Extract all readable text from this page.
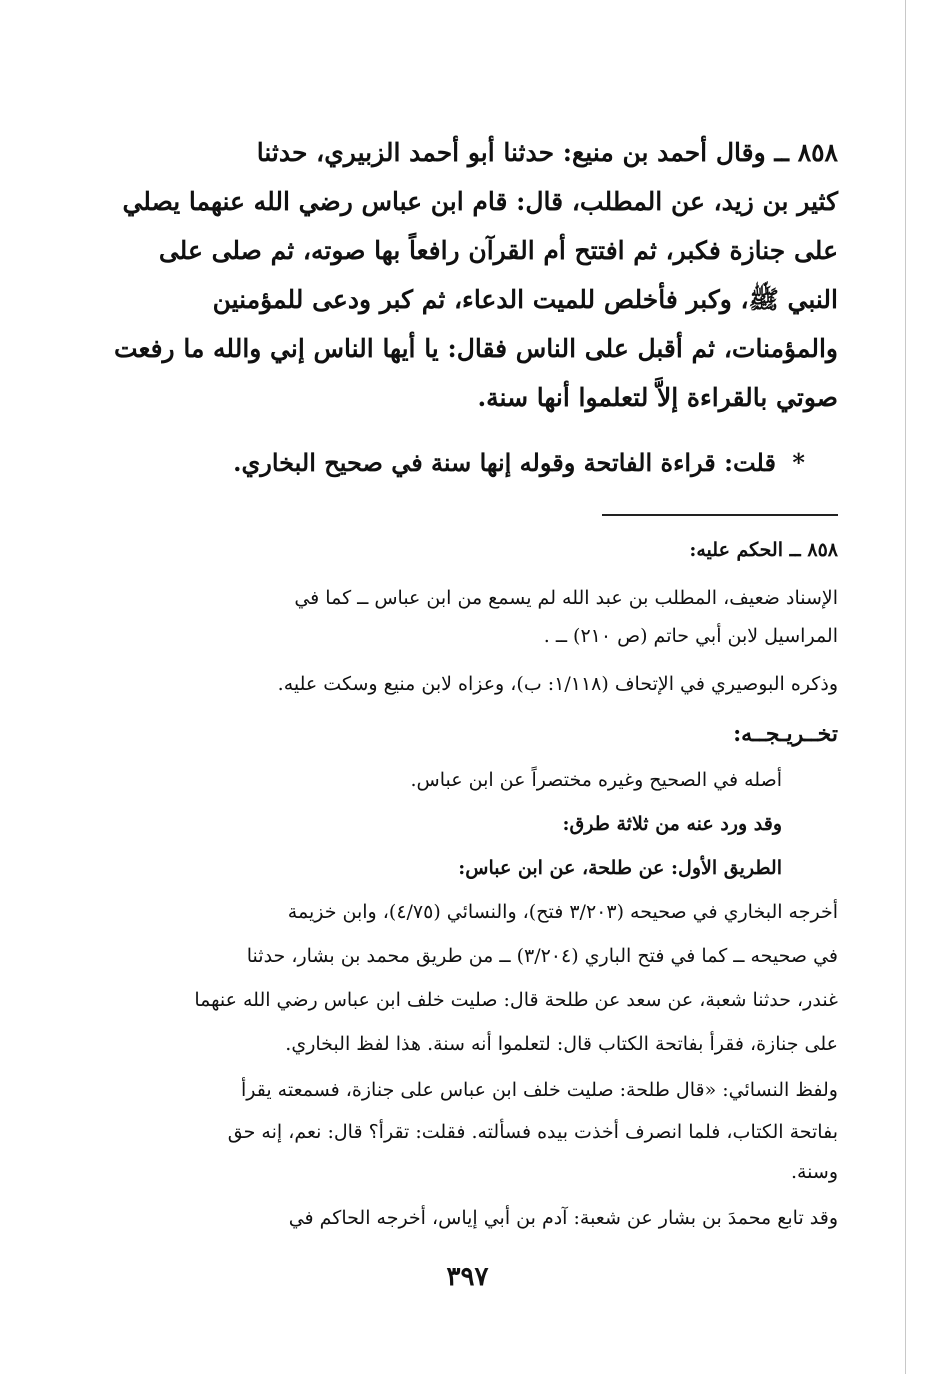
٨٥٨ ــ وقال أحمد بن منيع: حدثنا أبو أحمد الزبيري، حدثنا

كثير بن زيد، عن المطلب، قال: قام ابن عباس رضي الله عنهما يصلي

على جنازة فكبر، ثم افتتح أم القرآن رافعاً بها صوته، ثم صلى على

النبي ﷺ، وكبر فأخلص للميت الدعاء، ثم كبر ودعى للمؤمنين

والمؤمنات، ثم أقبل على الناس فقال: يا أيها الناس إني والله ما رفعت

صوتي بالقراءة إلاَّ لتعلموا أنها سنة.

* قلت: قراءة الفاتحة وقوله إنها سنة في صحيح البخاري.

٨٥٨ ــ الحكم عليه:

الإسناد ضعيف، المطلب بن عبد الله لم يسمع من ابن عباس ــ كما في

المراسيل لابن أبي حاتم (ص ٢١٠) ــ .

وذكره البوصيري في الإتحاف (١/١١٨: ب)، وعزاه لابن منيع وسكت عليه.

تخــريـجــه:

أصله في الصحيح وغيره مختصراً عن ابن عباس.

وقد ورد عنه من ثلاثة طرق:

الطريق الأول: عن طلحة، عن ابن عباس:

أخرجه البخاري في صحيحه (٣/٢٠٣ فتح)، والنسائي (٤/٧٥)، وابن خزيمة

في صحيحه ــ كما في فتح الباري (٣/٢٠٤) ــ من طريق محمد بن بشار، حدثنا

غندر، حدثنا شعبة، عن سعد عن طلحة قال: صليت خلف ابن عباس رضي الله عنهما

على جنازة، فقرأ بفاتحة الكتاب قال: لتعلموا أنه سنة. هذا لفظ البخاري.

ولفظ النسائي: «قال طلحة: صليت خلف ابن عباس على جنازة، فسمعته يقرأ

بفاتحة الكتاب، فلما انصرف أخذت بيده فسألته. فقلت: تقرأ؟ قال: نعم، إنه حق

وسنة.

وقد تابع محمدَ بن بشار عن شعبة: آدم بن أبي إياس، أخرجه الحاكم في

٣٩٧
